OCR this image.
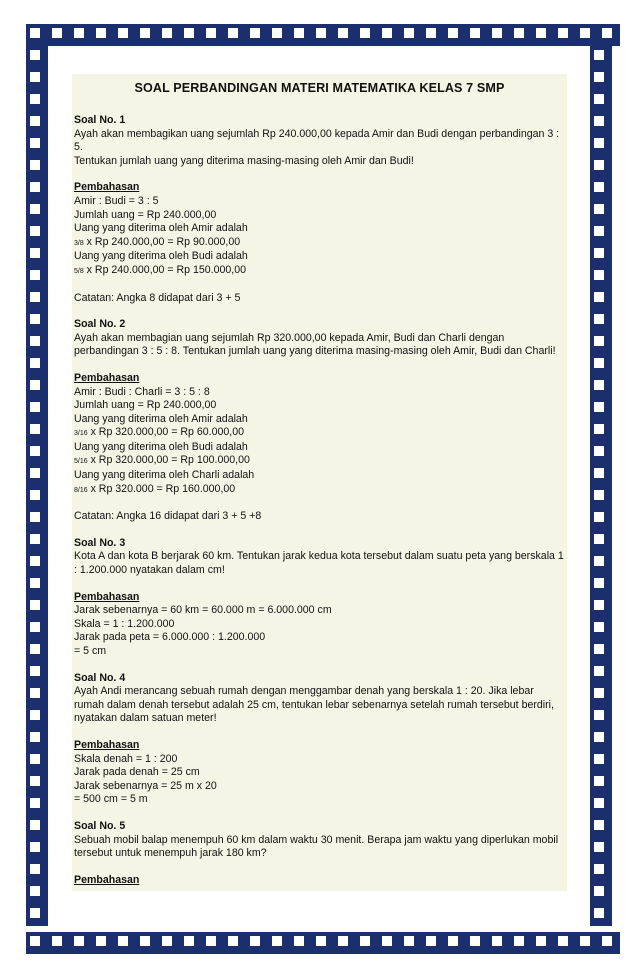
SOAL PERBANDINGAN MATERI MATEMATIKA KELAS 7 SMP
Soal No. 1
Ayah akan membagikan uang sejumlah Rp 240.000,00 kepada Amir dan Budi dengan perbandingan 3 : 5.
Tentukan jumlah uang yang diterima masing-masing oleh Amir dan Budi!
Pembahasan
Amir : Budi = 3 : 5
Jumlah uang = Rp 240.000,00
Uang yang diterima oleh Amir adalah
3/8 x Rp 240.000,00 = Rp 90.000,00
Uang yang diterima oleh Budi adalah
5/8 x Rp 240.000,00 = Rp 150.000,00
Catatan: Angka 8 didapat dari 3 + 5
Soal No. 2
Ayah akan membagian uang sejumlah Rp 320.000,00 kepada Amir, Budi dan Charli dengan perbandingan 3 : 5 : 8. Tentukan jumlah uang yang diterima masing-masing oleh Amir, Budi dan Charli!
Pembahasan
Amir : Budi : Charli = 3 : 5 : 8
Jumlah uang = Rp 240.000,00
Uang yang diterima oleh Amir adalah
3/16 x Rp 320.000,00 = Rp 60.000,00
Uang yang diterima oleh Budi adalah
5/16 x Rp 320.000,00 = Rp 100.000,00
Uang yang diterima oleh Charli adalah
8/16 x Rp 320.000 = Rp 160.000,00
Catatan: Angka 16 didapat dari 3 + 5 +8
Soal No. 3
Kota A dan kota B berjarak 60 km. Tentukan jarak kedua kota tersebut dalam suatu peta yang berskala 1 : 1.200.000 nyatakan dalam cm!
Pembahasan
Jarak sebenarnya = 60 km = 60.000 m = 6.000.000 cm
Skala = 1 : 1.200.000
Jarak pada peta = 6.000.000 : 1.200.000
= 5 cm
Soal No. 4
Ayah Andi merancang sebuah rumah dengan menggambar denah yang berskala 1 : 20. Jika lebar rumah dalam denah tersebut adalah 25 cm, tentukan lebar sebenarnya setelah rumah tersebut berdiri, nyatakan dalam satuan meter!
Pembahasan
Skala denah = 1 : 200
Jarak pada denah = 25 cm
Jarak sebenarnya = 25 m x 20
= 500 cm = 5 m
Soal No. 5
Sebuah mobil balap menempuh 60 km dalam waktu 30 menit. Berapa jam waktu yang diperlukan mobil tersebut untuk menempuh jarak 180 km?
Pembahasan
